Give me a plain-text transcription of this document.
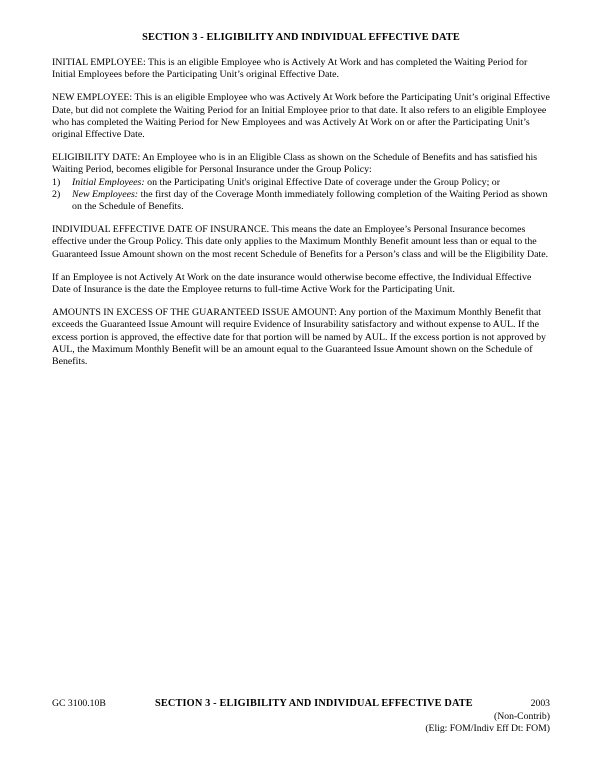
SECTION 3 - ELIGIBILITY AND INDIVIDUAL EFFECTIVE DATE

INITIAL EMPLOYEE: This is an eligible Employee who is Actively At Work and has completed the Waiting Period for Initial Employees before the Participating Unit’s original Effective Date.

NEW EMPLOYEE: This is an eligible Employee who was Actively At Work before the Participating Unit’s original Effective Date, but did not complete the Waiting Period for an Initial Employee prior to that date. It also refers to an eligible Employee who has completed the Waiting Period for New Employees and was Actively At Work on or after the Participating Unit’s original Effective Date.

ELIGIBILITY DATE: An Employee who is in an Eligible Class as shown on the Schedule of Benefits and has satisfied his Waiting Period, becomes eligible for Personal Insurance under the Group Policy:

1)	Initial Employees: on the Participating Unit's original Effective Date of coverage under the Group Policy; or
2)	New Employees: the first day of the Coverage Month immediately following completion of the Waiting Period as shown on the Schedule of Benefits.

INDIVIDUAL EFFECTIVE DATE OF INSURANCE. This means the date an Employee’s Personal Insurance becomes effective under the Group Policy. This date only applies to the Maximum Monthly Benefit amount less than or equal to the Guaranteed Issue Amount shown on the most recent Schedule of Benefits for a Person’s class and will be the Eligibility Date.

If an Employee is not Actively At Work on the date insurance would otherwise become effective, the Individual Effective Date of Insurance is the date the Employee returns to full-time Active Work for the Participating Unit.

AMOUNTS IN EXCESS OF THE GUARANTEED ISSUE AMOUNT: Any portion of the Maximum Monthly Benefit that exceeds the Guaranteed Issue Amount will require Evidence of Insurability satisfactory and without expense to AUL. If the excess portion is approved, the effective date for that portion will be named by AUL. If the excess portion is not approved by AUL, the Maximum Monthly Benefit will be an amount equal to the Guaranteed Issue Amount shown on the Schedule of Benefits.

GC 3100.10B	SECTION 3 - ELIGIBILITY AND INDIVIDUAL EFFECTIVE DATE	2003
(Non-Contrib)
(Elig: FOM/Indiv Eff Dt: FOM)
